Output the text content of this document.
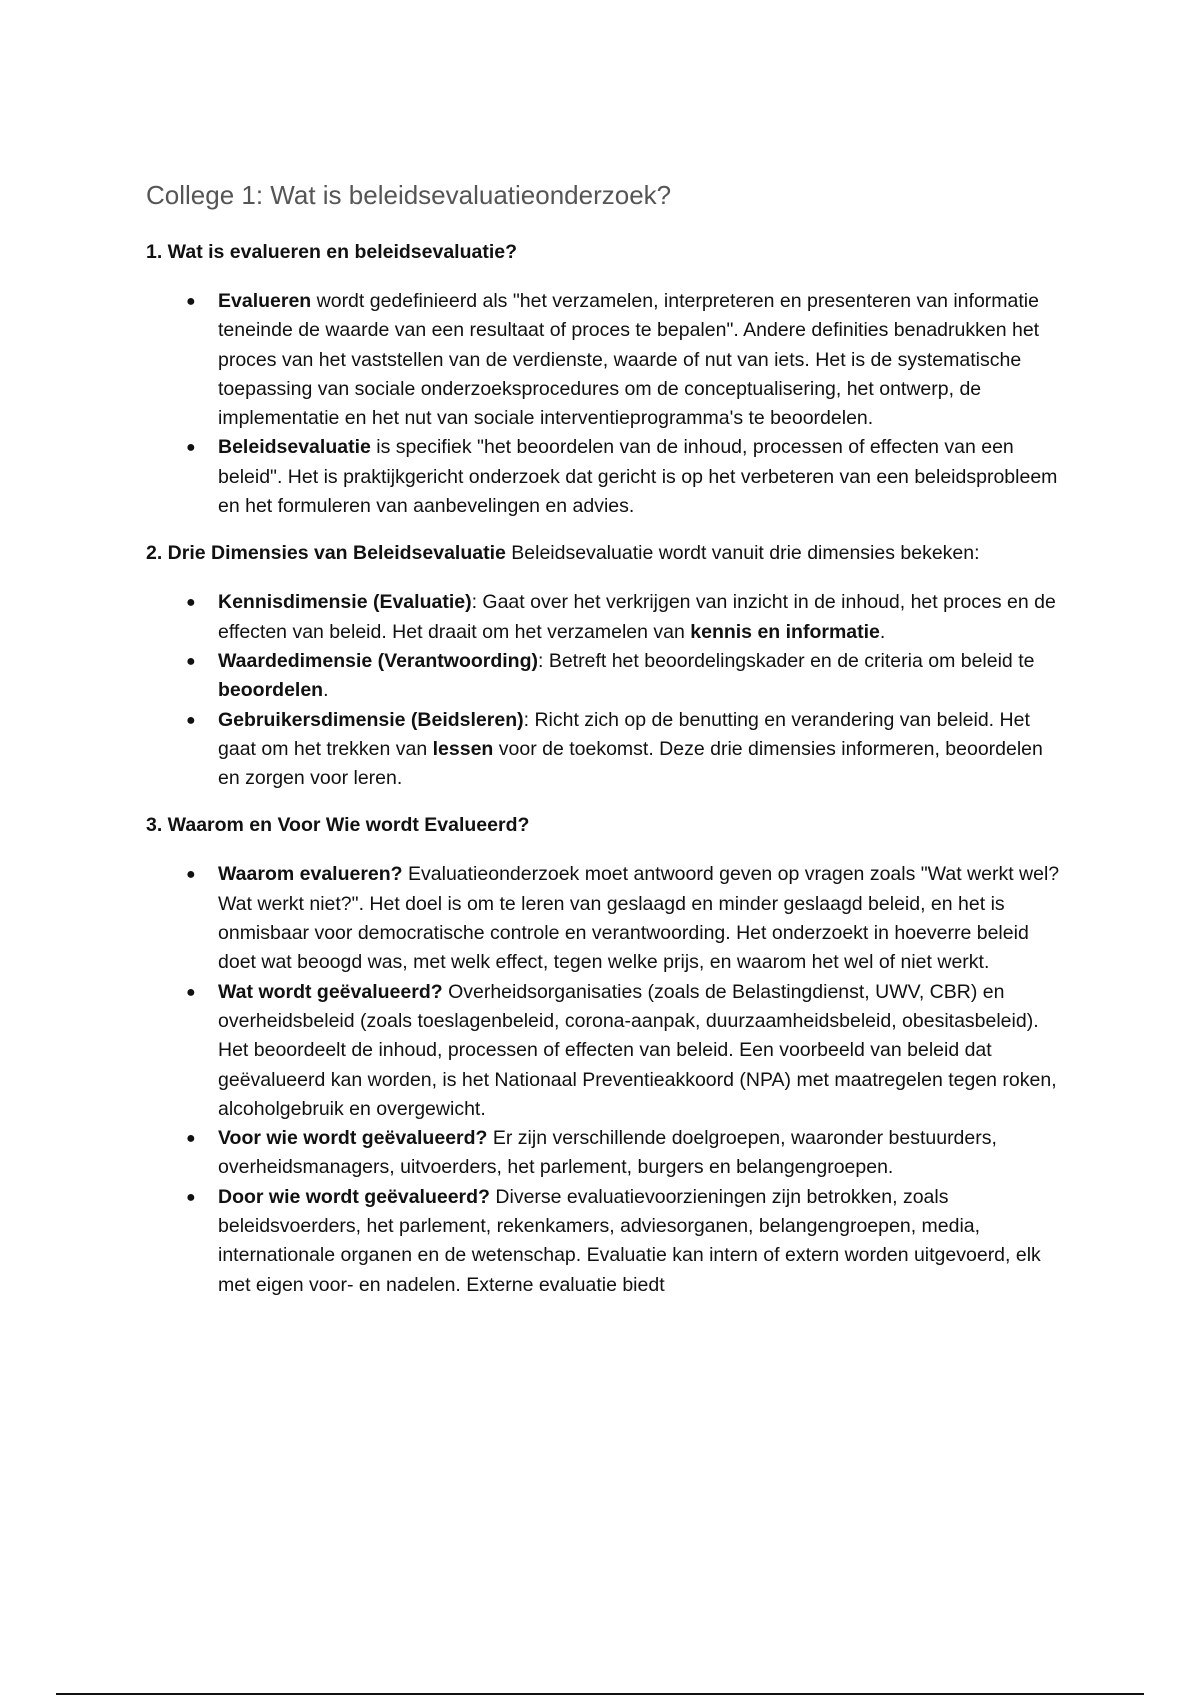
College 1: Wat is beleidsevaluatieonderzoek?

1. Wat is evalueren en beleidsevaluatie?

● Evalueren wordt gedefinieerd als "het verzamelen, interpreteren en presenteren van informatie teneinde de waarde van een resultaat of proces te bepalen". Andere definities benadrukken het proces van het vaststellen van de verdienste, waarde of nut van iets. Het is de systematische toepassing van sociale onderzoeksprocedures om de conceptualisering, het ontwerp, de implementatie en het nut van sociale interventieprogramma's te beoordelen.
● Beleidsevaluatie is specifiek "het beoordelen van de inhoud, processen of effecten van een beleid". Het is praktijkgericht onderzoek dat gericht is op het verbeteren van een beleidsprobleem en het formuleren van aanbevelingen en advies.

2. Drie Dimensies van Beleidsevaluatie Beleidsevaluatie wordt vanuit drie dimensies bekeken:

● Kennisdimensie (Evaluatie): Gaat over het verkrijgen van inzicht in de inhoud, het proces en de effecten van beleid. Het draait om het verzamelen van kennis en informatie.
● Waardedimensie (Verantwoording): Betreft het beoordelingskader en de criteria om beleid te beoordelen.
● Gebruikersdimensie (Beidsleren): Richt zich op de benutting en verandering van beleid. Het gaat om het trekken van lessen voor de toekomst. Deze drie dimensies informeren, beoordelen en zorgen voor leren.

3. Waarom en Voor Wie wordt Evalueerd?

● Waarom evalueren? Evaluatieonderzoek moet antwoord geven op vragen zoals "Wat werkt wel? Wat werkt niet?". Het doel is om te leren van geslaagd en minder geslaagd beleid, en het is onmisbaar voor democratische controle en verantwoording. Het onderzoekt in hoeverre beleid doet wat beoogd was, met welk effect, tegen welke prijs, en waarom het wel of niet werkt.
● Wat wordt geëvalueerd? Overheidsorganisaties (zoals de Belastingdienst, UWV, CBR) en overheidsbeleid (zoals toeslagenbeleid, corona-aanpak, duurzaamheidsbeleid, obesitasbeleid). Het beoordeelt de inhoud, processen of effecten van beleid. Een voorbeeld van beleid dat geëvalueerd kan worden, is het Nationaal Preventieakkoord (NPA) met maatregelen tegen roken, alcoholgebruik en overgewicht.
● Voor wie wordt geëvalueerd? Er zijn verschillende doelgroepen, waaronder bestuurders, overheidsmanagers, uitvoerders, het parlement, burgers en belangengroepen.
● Door wie wordt geëvalueerd? Diverse evaluatievoorzieningen zijn betrokken, zoals beleidsvoerders, het parlement, rekenkamers, adviesorganen, belangengroepen, media, internationale organen en de wetenschap. Evaluatie kan intern of extern worden uitgevoerd, elk met eigen voor- en nadelen. Externe evaluatie biedt
